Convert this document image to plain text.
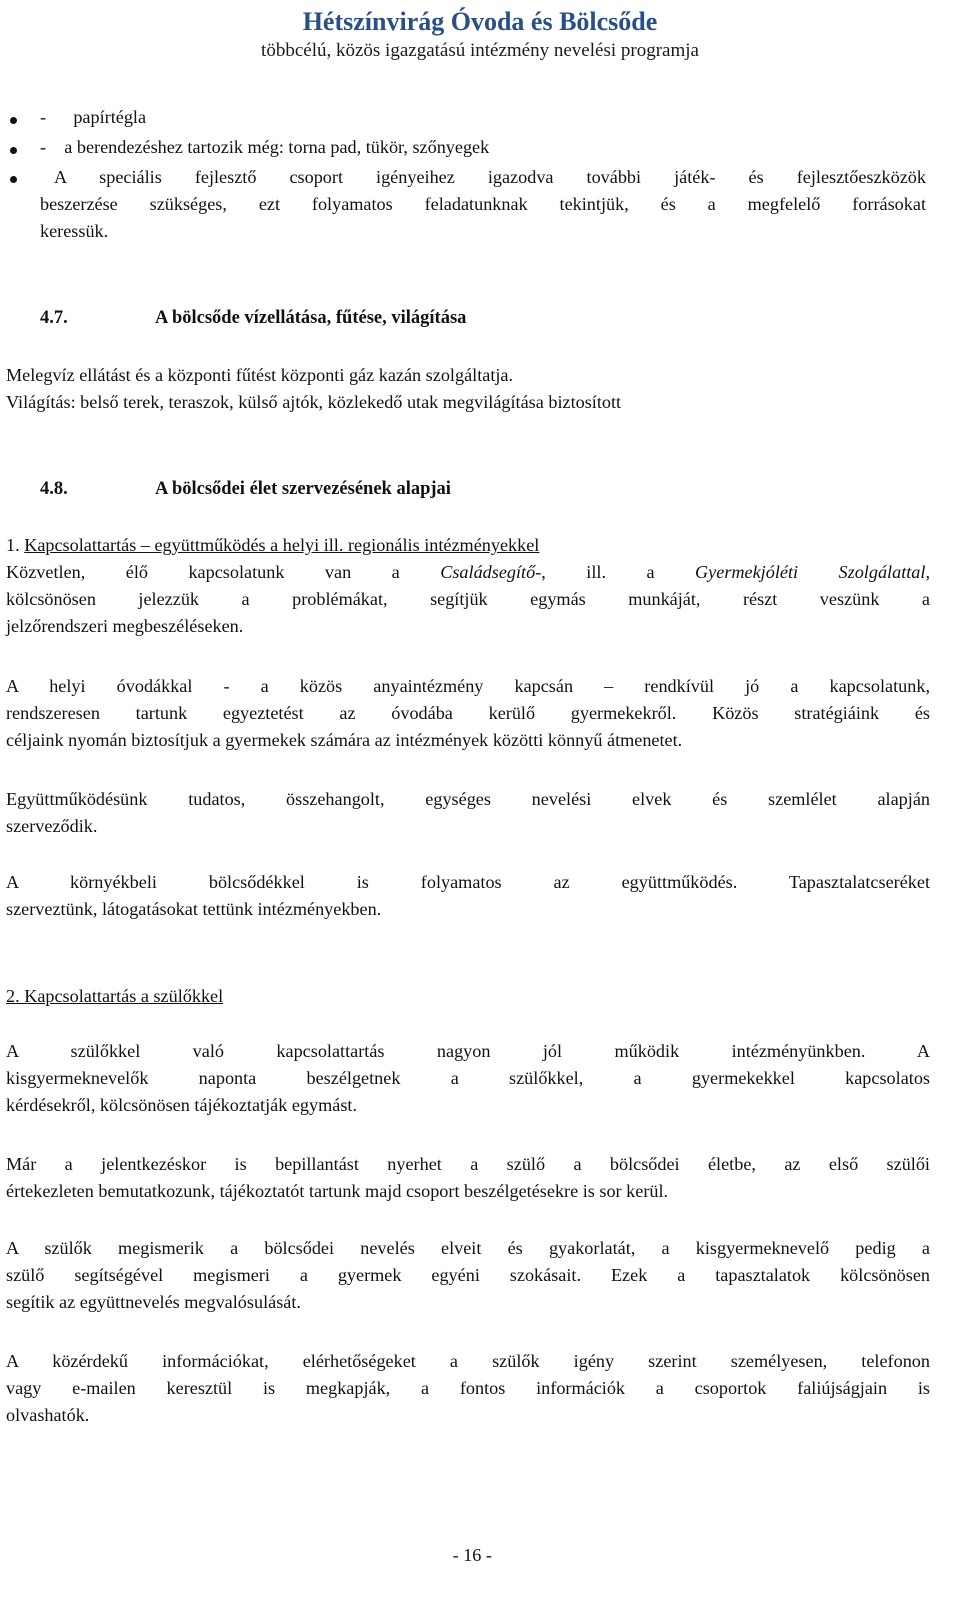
Hétszínvirág Óvoda és Bölcsőde
többcélú, közös igazgatású intézmény nevelési programja
-      papírtégla
-    a berendezéshez tartozik még: torna pad, tükör, szőnyegek
A speciális fejlesztő csoport igényeihez igazodva további játék- és fejlesztőeszközök
beszerzése szükséges, ezt folyamatos feladatunknak tekintjük, és a megfelelő forrásokat
keressük.
4.7.	A bölcsőde vízellátása, fűtése, világítása
Melegvíz ellátást és a központi fűtést központi gáz kazán szolgáltatja.
Világítás: belső terek, teraszok, külső ajtók, közlekedő utak megvilágítása biztosított
4.8.	A bölcsődei élet szervezésének alapjai
1. Kapcsolattartás – együttműködés a helyi ill. regionális intézményekkel
Közvetlen, élő kapcsolatunk van a Családsegítő-, ill. a Gyermekjóléti Szolgálattal,
kölcsönösen jelezzük a problémákat, segítjük egymás munkáját, részt veszünk a
jelzőrendszeri megbeszéléseken.
A helyi óvodákkal - a közös anyaintézmény kapcsán – rendkívül jó a kapcsolatunk,
rendszeresen tartunk egyeztetést az óvodába kerülő gyermekekről. Közös stratégiáink és
céljaink nyomán biztosítjuk a gyermekek számára az intézmények közötti könnyű átmenetet.
Együttműködésünk tudatos, összehangolt, egységes nevelési elvek és szemlélet alapján
szerveződik.
A környékbeli bölcsődékkel is folyamatos az együttműködés. Tapasztalatcseréket
szerveztünk, látogatásokat tettünk intézményekben.
2. Kapcsolattartás a szülőkkel
A szülőkkel való kapcsolattartás nagyon jól működik intézményünkben. A
kisgyermeknevelők naponta beszélgetnek a szülőkkel, a gyermekekkel kapcsolatos
kérdésekről, kölcsönösen tájékoztatják egymást.
Már a jelentkezéskor is bepillantást nyerhet a szülő a bölcsődei életbe, az első szülői
értekezleten bemutatkozunk, tájékoztatót tartunk majd csoport beszélgetésekre is sor kerül.
A szülők megismerik a bölcsődei nevelés elveit és gyakorlatát, a kisgyermeknevelő pedig a
szülő segítségével megismeri a gyermek egyéni szokásait. Ezek a tapasztalatok kölcsönösen
segítik az együttnevelés megvalósulását.
A közérdekű információkat, elérhetőségeket a szülők igény szerint személyesen, telefonon
vagy e-mailen keresztül is megkapják, a fontos információk a csoportok faliújságjain is
olvashatók.
- 16 -
